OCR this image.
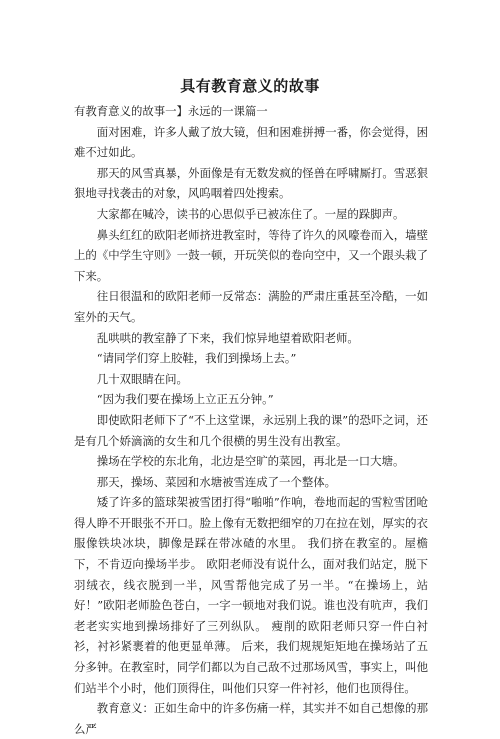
具有教育意义的故事

有教育意义的故事一】永远的一课篇一

面对困难，许多人戴了放大镜，但和困难拼搏一番，你会觉得，困难不过如此。

那天的风雪真暴，外面像是有无数发疯的怪兽在呼啸厮打。雪恶狠狠地寻找袭击的对象，风呜咽着四处搜索。

大家都在喊冷，读书的心思似乎已被冻住了。一屋的跺脚声。

鼻头红红的欧阳老师挤进教室时，等待了许久的风嚎卷而入，墙壁上的《中学生守则》一鼓一顿，开玩笑似的卷向空中，又一个跟头栽了下来。

往日很温和的欧阳老师一反常态：满脸的严肃庄重甚至冷酷，一如室外的天气。

乱哄哄的教室静了下来，我们惊异地望着欧阳老师。

“请同学们穿上胶鞋，我们到操场上去。”

几十双眼睛在问。

“因为我们要在操场上立正五分钟。”

即使欧阳老师下了“不上这堂课，永远别上我的课”的恐吓之词，还是有几个娇滴滴的女生和几个很横的男生没有出教室。

操场在学校的东北角，北边是空旷的菜园，再北是一口大塘。

那天，操场、菜园和水塘被雪连成了一个整体。

矮了许多的篮球架被雪团打得“啪啪”作响，卷地而起的雪粒雪团呛得人睁不开眼张不开口。脸上像有无数把细窄的刀在拉在划，厚实的衣服像铁块冰块，脚像是踩在带冰碴的水里。 我们挤在教室的。屋檐下，不肯迈向操场半步。 欧阳老师没有说什么，面对我们站定，脱下羽绒衣，线衣脱到一半，风雪帮他完成了另一半。“在操场上，站好！”欧阳老师脸色苍白，一字一顿地对我们说。谁也没有吭声，我们老老实实地到操场排好了三列纵队。 瘦削的欧阳老师只穿一件白衬衫，衬衫紧裹着的他更显单薄。 后来，我们规规矩矩地在操场站了五分多钟。在教室时，同学们都以为自己敌不过那场风雪，事实上，叫他们站半个小时，他们顶得住，叫他们只穿一件衬衫，他们也顶得住。

教育意义：正如生命中的许多伤痛一样，其实并不如自己想像的那么严
